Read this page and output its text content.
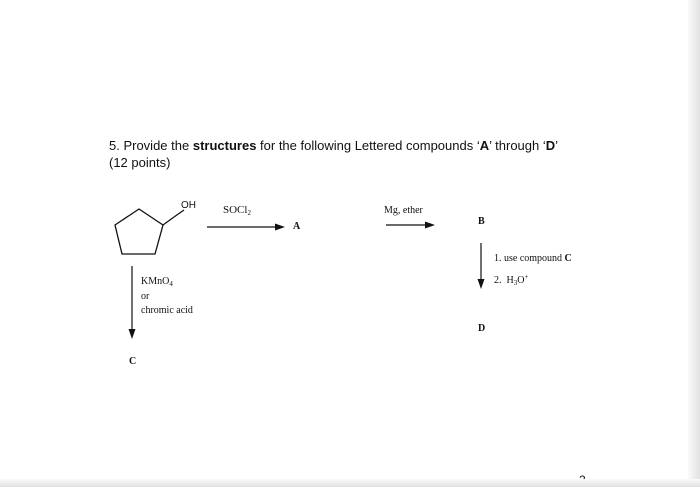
5. Provide the structures for the following Lettered compounds ‘A’ through ‘D’
(12 points)
OH SOCl$_2$
A
Mg, ether
B
1. use compound C
2. $H_3O^+$
D
KMnO$_4$
or
chromic acid
C
